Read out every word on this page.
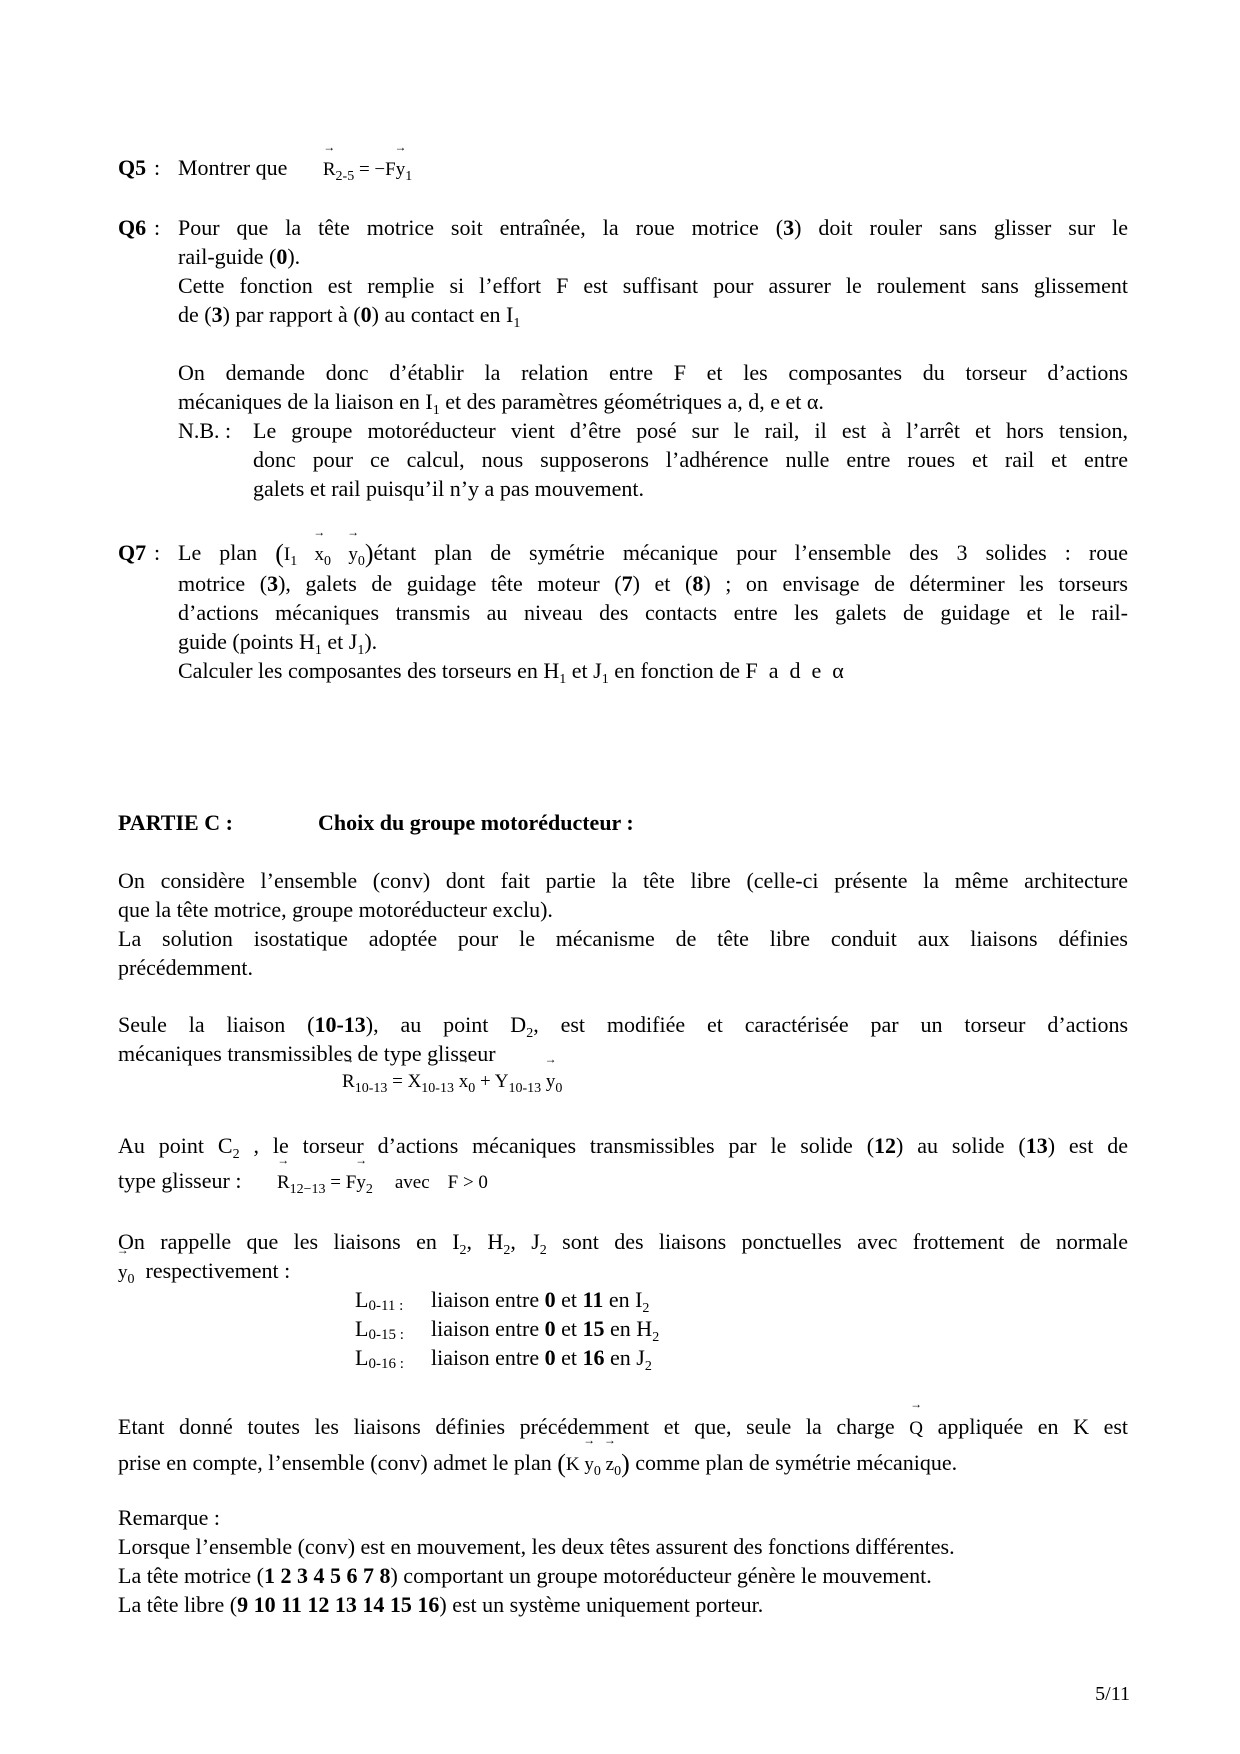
Q5 : Montrer que → $R_{2-5} = -F\to y_1$
Q6 : Pour que la tête motrice soit entraînée, la roue motrice (3) doit rouler sans glisser sur le
rail-guide (0).
Cette fonction est remplie si l’effort F est suffisant pour assurer le roulement sans glissement
de (3) par rapport à (0) au contact en $I_1$
On demande donc d’établir la relation entre F et les composantes du torseur d’actions
mécaniques de la liaison en $I_1$ et des paramètres géométriques a, d, e et α.
N.B. : Le groupe motoréducteur vient d’être posé sur le rail, il est à l’arrêt et hors tension,
donc pour ce calcul, nous supposerons l’adhérence nulle entre roues et rail et entre
galets et rail puisqu’il n’y a pas mouvement.
Q7 : Le plan ($I_1 \to x_0$ → $y_0)é\tan t$ plan de symétrie mécanique pour l’ensemble des 3 solides : roue
motrice (3), galets de guidage tête moteur (7) et (8) ; on envisage de déterminer les torseurs
d’actions mécaniques transmis au niveau des contacts entre les galets de guidage et le rail-
guide (points $H_1$ et $J_1$).
Calculer les composantes des torseurs en $H_1$ et $J_1$ en fonction de F  a  d  e  α
PARTIE C :	Choix du groupe motoréducteur :
On considère l’ensemble (conv) dont fait partie la tête libre (celle-ci présente la même architecture
que la tête motrice, groupe motoréducteur exclu).
La solution isostatique adoptée pour le mécanisme de tête libre conduit aux liaisons définies
précédemment.
Seule la liaison (10-13), au point $D_2$, est modifiée et caractérisée par un torseur d’actions
mécaniques transmissibles de type glisseur
→ $R_{10-13} = X_{10-13} \to x_0 + Y_{10-13} \to y_0$
Au point $C_2$ , le torseur d’actions mécaniques transmissibles par le solide (12) au solide (13) est de
type glisseur : → $R_{12-13} = F\to y_2$ avec F > 0
On rappelle que les liaisons en $I_2$, $H_2$, $J_2$ sont des liaisons ponctuelles avec frottement de normale
→ $y_0$ respectivement :
L0-11 : liaison entre 0 et 11 en $I_2$
L0-15 : liaison entre 0 et 15 en $H_2$
L0-16 : liaison entre 0 et 16 en $J_2$
Etant donné toutes les liaisons définies précédemment et que, seule la charge → Q appliquée en K est
prise en compte, l’ensemble (conv) admet le plan $(K \to y_0 \to z_0)$ comme plan de symétrie mécanique.
Remarque :
Lorsque l’ensemble (conv) est en mouvement, les deux têtes assurent des fonctions différentes.
La tête motrice (1 2 3 4 5 6 7 8) comportant un groupe motoréducteur génère le mouvement.
La tête libre (9 10 11 12 13 14 15 16) est un système uniquement porteur.
5/11
